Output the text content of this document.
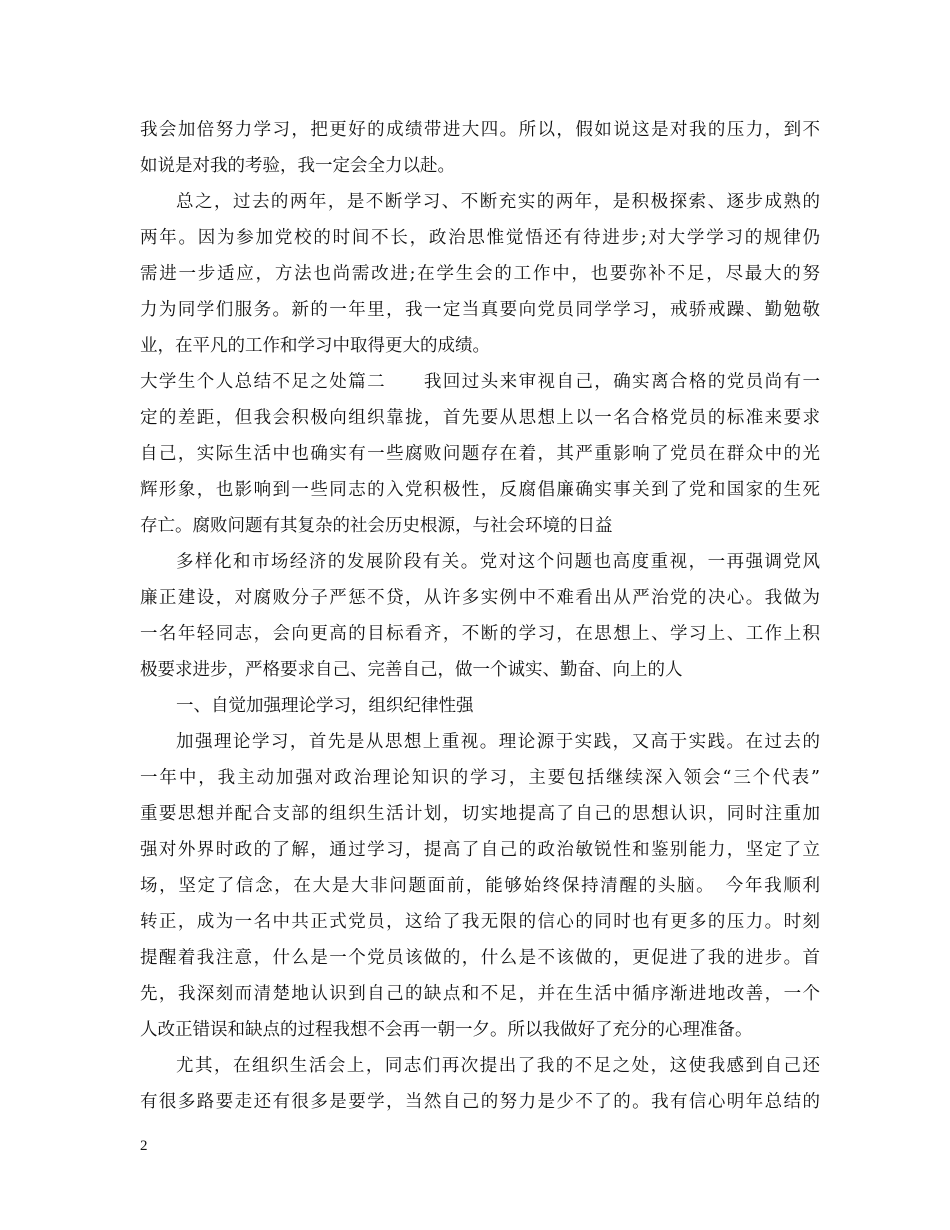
我会加倍努力学习，把更好的成绩带进大四。所以，假如说这是对我的压力，到不
如说是对我的考验，我一定会全力以赴。
总之，过去的两年，是不断学习、不断充实的两年，是积极探索、逐步成熟的
两年。因为参加党校的时间不长，政治思惟觉悟还有待进步;对大学学习的规律仍
需进一步适应，方法也尚需改进;在学生会的工作中，也要弥补不足，尽最大的努
力为同学们服务。新的一年里，我一定当真要向党员同学学习，戒骄戒躁、勤勉敬
业，在平凡的工作和学习中取得更大的成绩。
大学生个人总结不足之处篇二　　我回过头来审视自己，确实离合格的党员尚有一
定的差距，但我会积极向组织靠拢，首先要从思想上以一名合格党员的标准来要求
自己，实际生活中也确实有一些腐败问题存在着，其严重影响了党员在群众中的光
辉形象，也影响到一些同志的入党积极性，反腐倡廉确实事关到了党和国家的生死
存亡。腐败问题有其复杂的社会历史根源，与社会环境的日益
多样化和市场经济的发展阶段有关。党对这个问题也高度重视，一再强调党风
廉正建设，对腐败分子严惩不贷，从许多实例中不难看出从严治党的决心。我做为
一名年轻同志，会向更高的目标看齐，不断的学习，在思想上、学习上、工作上积
极要求进步，严格要求自己、完善自己，做一个诚实、勤奋、向上的人
一、自觉加强理论学习，组织纪律性强
加强理论学习，首先是从思想上重视。理论源于实践，又高于实践。在过去的
一年中，我主动加强对政治理论知识的学习，主要包括继续深入领会“三个代表”
重要思想并配合支部的组织生活计划，切实地提高了自己的思想认识，同时注重加
强对外界时政的了解，通过学习，提高了自己的政治敏锐性和鉴别能力，坚定了立
场，坚定了信念，在大是大非问题面前，能够始终保持清醒的头脑。　今年我顺利
转正，成为一名中共正式党员，这给了我无限的信心的同时也有更多的压力。时刻
提醒着我注意，什么是一个党员该做的，什么是不该做的，更促进了我的进步。首
先，我深刻而清楚地认识到自己的缺点和不足，并在生活中循序渐进地改善，一个
人改正错误和缺点的过程我想不会再一朝一夕。所以我做好了充分的心理准备。
尤其，在组织生活会上，同志们再次提出了我的不足之处，这使我感到自己还
有很多路要走还有很多是要学，当然自己的努力是少不了的。我有信心明年总结的
2
